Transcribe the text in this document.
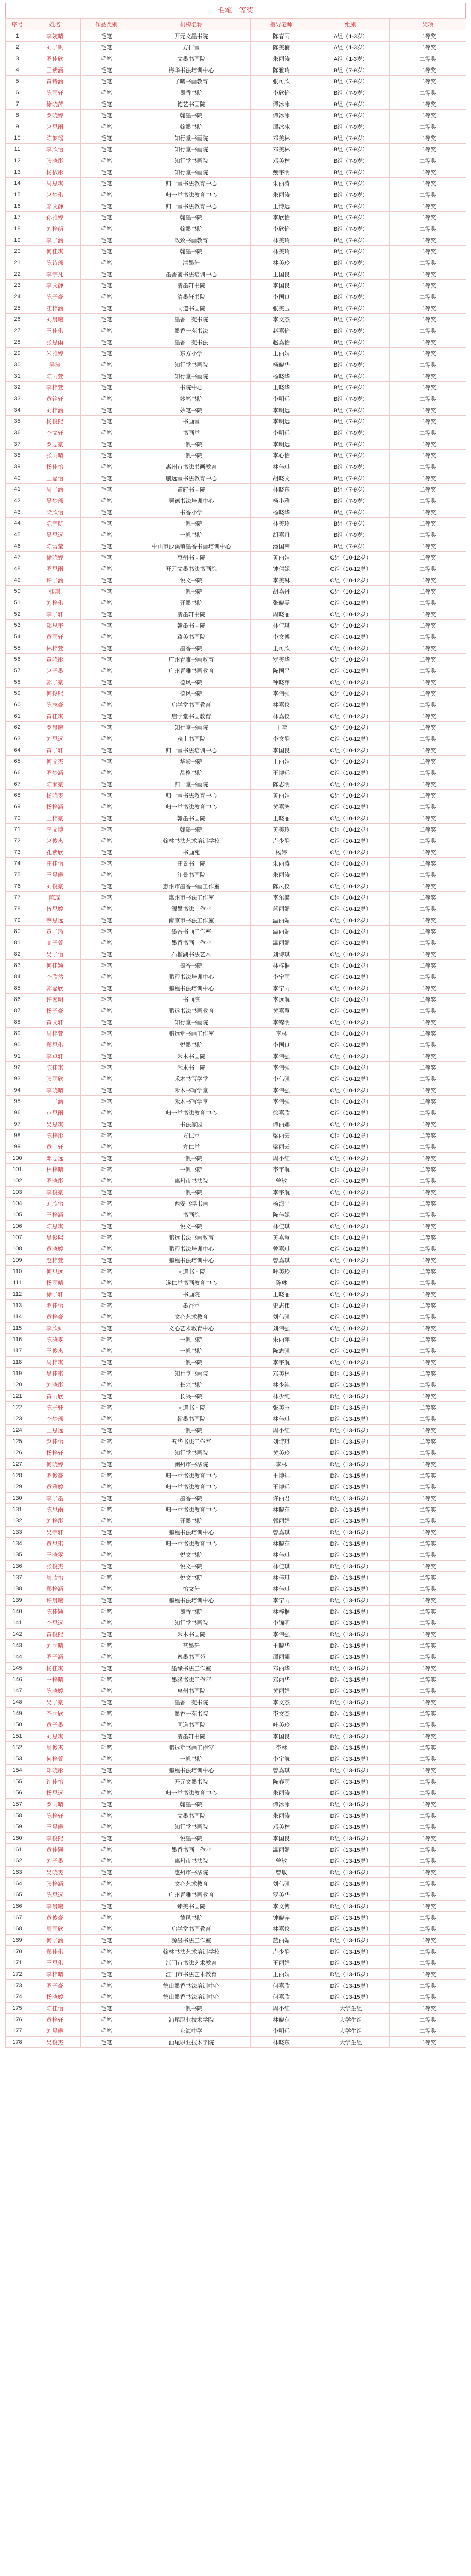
毛笔二等奖
序号	姓名	作品类别	机构名称	指导老师	组别	奖项
1	李婉晴	毛笔	开元文墨书院	陈春雨	A组（1-3岁）	二等奖
2	刘子帆	毛笔	方仁堂	陈美楠	A组（1-3岁）	二等奖
3	罗佳欣	毛笔	文墨书画院	朱丽涛	A组（1-3岁）	二等奖
4	王紫涵	毛笔	梅华书法培训中心	陈雅玲	B组（7-9岁）	二等奖
5	黄诗涵	毛笔	子曦书画教育	张可欣	B组（7-9岁）	二等奖
6	陈雨轩	毛笔	墨香书院	李欣怡	B组（7-9岁）	二等奖
7	徐晓萍	毛笔	德艺书画院	谭冰冰	B组（7-9岁）	二等奖
8	罗晓婷	毛笔	翰墨书院	谭冰冰	B组（7-9岁）	二等奖
9	赵思雨	毛笔	翰墨书院	谭冰冰	B组（7-9岁）	二等奖
10	陈梦瑶	毛笔	知行堂书画院	邓美林	B组（7-9岁）	二等奖
11	李欣怡	毛笔	知行堂书画院	邓美林	B组（7-9岁）	二等奖
12	张晓彤	毛笔	知行堂书画院	邓美林	B组（7-9岁）	二等奖
13	杨依彤	毛笔	知行堂书画院	戴宇明	B组（7-9岁）	二等奖
14	周思琪	毛笔	归一堂书法教育中心	朱丽涛	B组（7-9岁）	二等奖
15	赵梦琪	毛笔	归一堂书法教育中心	朱丽涛	B组（7-9岁）	二等奖
16	廖文静	毛笔	归一堂书法教育中心	王博远	B组（7-9岁）	二等奖
17	孙雅婷	毛笔	翰墨书院	李欣怡	B组（7-9岁）	二等奖
18	刘梓萌	毛笔	翰墨书院	李欣怡	B组（7-9岁）	二等奖
19	李子涵	毛笔	政致书画教育	林美玲	B组（7-9岁）	二等奖
20	何佳琪	毛笔	翰墨书院	林美玲	B组（7-9岁）	二等奖
21	陈诗瑶	毛笔	清墨轩	林美玲	B组（7-9岁）	二等奖
22	李宇凡	毛笔	墨香斋书法培训中心	王国良	B组（7-9岁）	二等奖
23	李文静	毛笔	清墨轩书院	李国良	B组（7-9岁）	二等奖
24	陈子豪	毛笔	清墨轩书院	李国良	B组（7-9岁）	二等奖
25	江梓涵	毛笔	同道书画院	张美玉	B组（7-9岁）	二等奖
26	刘晨曦	毛笔	墨香一苑书院	李文杰	B组（7-9岁）	二等奖
27	王佳琪	毛笔	墨香一苑书法	赵嘉怡	B组（7-9岁）	二等奖
28	张思雨	毛笔	墨香一苑书法	赵嘉怡	B组（7-9岁）	二等奖
29	朱雅婷	毛笔	东方小学	王丽娟	B组（7-9岁）	二等奖
30	吴涛	毛笔	知行堂书画院	杨晓华	B组（7-9岁）	二等奖
31	陈雨萱	毛笔	知行堂书画院	杨晓华	B组（7-9岁）	二等奖
32	李梓萱	毛笔	书院中心	王晓华	B组（7-9岁）	二等奖
33	黄铭轩	毛笔	妙笔书院	李明远	B组（7-9岁）	二等奖
34	刘梓涵	毛笔	妙笔书院	李明远	B组（7-9岁）	二等奖
35	杨俊熙	毛笔	书画堂	李明远	B组（7-9岁）	二等奖
36	李文轩	毛笔	书画堂	李明远	B组（7-9岁）	二等奖
37	罗志豪	毛笔	一帆书院	李明远	B组（7-9岁）	二等奖
38	张雨晴	毛笔	一帆书院	李心怡	B组（7-9岁）	二等奖
39	杨佳怡	毛笔	惠州市书法书画教育	林佳琪	B组（7-9岁）	二等奖
40	王嘉怡	毛笔	鹏远堂书法教育中心	胡晓文	B组（7-9岁）	二等奖
41	周子涵	毛笔	鑫府书画院	林晓东	B组（7-9岁）	二等奖
42	吴梦瑶	毛笔	顺德书法培训中心	杨小雅	B组（7-9岁）	二等奖
43	梁欣怡	毛笔	书香小学	杨晓华	B组（7-9岁）	二等奖
44	陈宇航	毛笔	一帆书院	林美玲	B组（7-9岁）	二等奖
45	吴思远	毛笔	一帆书院	胡嘉丹	B组（7-9岁）	二等奖
46	陈雪莹	毛笔	中山市沙溪镇墨香书画培训中心	潘国荣	B组（7-9岁）	二等奖
47	徐晓婷	毛笔	惠州书画院	黄丽娟	C组（10-12岁）	二等奖
48	罗思雨	毛笔	开元文墨书法书画院	钟倩妮	C组（10-12岁）	二等奖
49	许子涵	毛笔	悦文书院	李美琳	C组（10-12岁）	二等奖
50	张琪	毛笔	一帆书院	胡嘉丹	C组（10-12岁）	二等奖
51	刘梓琪	毛笔	开墨书院	张晓雯	C组（10-12岁）	二等奖
52	李子轩	毛笔	清墨轩书院	周晓丽	C组（10-12岁）	二等奖
53	郑思宇	毛笔	翰墨书画院	林佳琪	C组（10-12岁）	二等奖
54	黄雨轩	毛笔	臻美书画院	李文博	C组（10-12岁）	二等奖
55	林梓萱	毛笔	墨香书院	王可欣	C组（10-12岁）	二等奖
56	黄晓彤	毛笔	广州青雅书画教育	罗美华	C组（10-12岁）	二等奖
57	赵子墨	毛笔	广州青雅书画教育	陈国平	C组（10-12岁）	二等奖
58	郭子豪	毛笔	德风书院	钟晓萍	C组（10-12岁）	二等奖
59	何俊熙	毛笔	德风书院	李伟强	C组（10-12岁）	二等奖
60	陈志豪	毛笔	启学堂书画教育	林嘉仪	C组（10-12岁）	二等奖
61	黄佳琪	毛笔	启学堂书画教育	林嘉仪	C组（10-12岁）	二等奖
62	罗晨曦	毛笔	知行堂书画院	王晴	C组（10-12岁）	二等奖
63	刘思远	毛笔	茂土书画院	李文静	C组（10-12岁）	二等奖
64	黄子轩	毛笔	归一堂书法培训中心	李国良	C组（10-12岁）	二等奖
65	何文杰	毛笔	华彩书院	王丽娟	C组（10-12岁）	二等奖
66	罗梦涵	毛笔	晶格书院	王博远	C组（10-12岁）	二等奖
67	陈家豪	毛笔	归一堂书画院	陈志明	C组（10-12岁）	二等奖
68	杨晓雯	毛笔	归一堂书法教育中心	黄丽娟	C组（10-12岁）	二等奖
69	杨梓涵	毛笔	归一堂书法教育中心	黄嘉鸿	C组（10-12岁）	二等奖
70	王梓豪	毛笔	翰墨书画院	王晓丽	C组（10-12岁）	二等奖
71	李文博	毛笔	翰墨书院	黄美玲	C组（10-12岁）	二等奖
72	赵俊杰	毛笔	翰林书法艺术培训学校	卢少静	C组（10-12岁）	二等奖
73	孔紫欣	毛笔	书画苑	杨婷	C组（10-12岁）	二等奖
74	汪佳怡	毛笔	汪景书画院	朱丽涛	C组（10-12岁）	二等奖
75	王晨曦	毛笔	汪景书画院	朱丽涛	C组（10-12岁）	二等奖
76	刘俊豪	毛笔	惠州市墨香书画工作室	陈凤仪	C组（10-12岁）	二等奖
77	陈瑶	毛笔	惠州市书法工作室	李尔馨	C组（10-12岁）	二等奖
78	伍思婷	毛笔	源墨书法工作室	蓝丽媚	C组（10-12岁）	二等奖
79	蔡思远	毛笔	南京市书法工作室	温丽媚	C组（10-12岁）	二等奖
80	黄子瑜	毛笔	墨香书画工作室	温丽媚	C组（10-12岁）	二等奖
81	高子萱	毛笔	墨香书画工作室	温丽媚	C组（10-12岁）	二等奖
82	吴子怡	毛笔	石榴湖书法艺术	刘诗琪	C组（10-12岁）	二等奖
83	何佳颖	毛笔	墨香书院	林梓桐	C组（10-12岁）	二等奖
84	李欣然	毛笔	鹏程书法培训中心	李宁雨	C组（10-12岁）	二等奖
85	郭嘉欣	毛笔	鹏程书法培训中心	李宁雨	C组（10-12岁）	二等奖
86	许家明	毛笔	书画院	李远航	C组（10-12岁）	二等奖
87	杨子豪	毛笔	鹏远书法书画教育	黄嘉慧	C组（10-12岁）	二等奖
88	黄文轩	毛笔	知行堂书画院	李锦明	C组（10-12岁）	二等奖
89	周梓萱	毛笔	鹏远堂书画工作室	李林	C组（10-12岁）	二等奖
90	郑思琪	毛笔	悦墨书院	李国良	C组（10-12岁）	二等奖
91	李卓轩	毛笔	禾木书画院	李伟强	C组（10-12岁）	二等奖
92	陈佳琪	毛笔	禾木书画院	李伟强	C组（10-12岁）	二等奖
93	张雨欣	毛笔	禾木书写学堂	李伟强	C组（10-12岁）	二等奖
94	李晓晴	毛笔	禾木书写学堂	李伟强	C组（10-12岁）	二等奖
95	王子涵	毛笔	禾木书写学堂	李伟强	C组（10-12岁）	二等奖
96	卢思雨	毛笔	归一堂书法教育中心	徐嘉欣	C组（10-12岁）	二等奖
97	吴思琪	毛笔	书法家园	谭丽娜	C组（10-12岁）	二等奖
98	陈梓彤	毛笔	方仁堂	梁丽云	C组（10-12岁）	二等奖
99	黄宇轩	毛笔	方仁堂	梁丽云	C组（10-12岁）	二等奖
100	邓志远	毛笔	一帆书院	周小红	C组（10-12岁）	二等奖
101	林梓晴	毛笔	一帆书院	李宇航	C组（10-12岁）	二等奖
102	罗晓彤	毛笔	惠州市书法院	曾敏	C组（10-12岁）	二等奖
103	李俊豪	毛笔	一帆书院	李宇航	C组（10-12岁）	二等奖
104	刘欣怡	毛笔	西安书学书画	杨海平	C组（10-12岁）	二等奖
105	王梓涵	毛笔	书画院	陈佳妮	C组（10-12岁）	二等奖
106	陈思琪	毛笔	悦文书院	林佳琪	C组（10-12岁）	二等奖
107	吴俊熙	毛笔	鹏远书法书画教育	黄嘉慧	C组（10-12岁）	二等奖
108	黄晓婷	毛笔	鹏程书法培训中心	曾嘉琪	C组（10-12岁）	二等奖
109	赵梓萱	毛笔	鹏程书法培训中心	曾嘉琪	C组（10-12岁）	二等奖
110	何思远	毛笔	同道书画院	叶美玲	C组（10-12岁）	二等奖
111	杨雨晴	毛笔	遂仁堂书画教育中心	陈琳	C组（10-12岁）	二等奖
112	徐子轩	毛笔	书画院	王晓丽	C组（10-12岁）	二等奖
113	罗佳怡	毛笔	墨香堂	史志伟	C组（10-12岁）	二等奖
114	黄梓豪	毛笔	文心艺术教育	刘伟强	C组（10-12岁）	二等奖
115	李欣妍	毛笔	文心艺术教育中心	刘伟强	C组（10-12岁）	二等奖
116	陈晓雯	毛笔	一帆书院	朱丽萍	C组（10-12岁）	二等奖
117	王俊杰	毛笔	一帆书院	陈志强	C组（10-12岁）	二等奖
118	周梓琪	毛笔	一帆书院	李宇航	C组（10-12岁）	二等奖
119	吴佳琪	毛笔	知行堂书画院	邓美林	D组（13-15岁）	二等奖
120	刘晓彤	毛笔	长兴书院	林少纯	D组（13-15岁）	二等奖
121	黄雨欣	毛笔	长兴书院	林少纯	D组（13-15岁）	二等奖
122	陈子轩	毛笔	同道书画院	张美玉	D组（13-15岁）	二等奖
123	李梦瑶	毛笔	翰墨书画院	林佳琪	D组（13-15岁）	二等奖
124	王思远	毛笔	一帆书院	周小红	D组（13-15岁）	二等奖
125	赵佳怡	毛笔	五华书法工作室	刘诗琪	D组（13-15岁）	二等奖
126	杨梓轩	毛笔	知行堂书画院	黄美玲	D组（13-15岁）	二等奖
127	何晓婷	毛笔	潮州市书法院	李林	D组（13-15岁）	二等奖
128	罗俊豪	毛笔	归一堂书法教育中心	王博远	D组（13-15岁）	二等奖
129	黄雅婷	毛笔	归一堂书法教育中心	王博远	D组（13-15岁）	二等奖
130	李子墨	毛笔	墨香书院	许丽君	D组（13-15岁）	二等奖
131	陈思雨	毛笔	归一堂书法教育中心	林晓东	D组（13-15岁）	二等奖
132	刘梓彤	毛笔	开墨书院	郭丽娟	D组（13-15岁）	二等奖
133	吴宇轩	毛笔	鹏程书法培训中心	曾嘉琪	D组（13-15岁）	二等奖
134	黄思琪	毛笔	归一堂书法教育中心	林晓东	D组（13-15岁）	二等奖
135	王晓雯	毛笔	悦文书院	林佳琪	D组（13-15岁）	二等奖
136	张俊杰	毛笔	悦文书院	林佳琪	D组（13-15岁）	二等奖
137	周欣怡	毛笔	悦文书院	林佳琪	D组（13-15岁）	二等奖
138	郑梓涵	毛笔	怡文轩	林佳琪	D组（13-15岁）	二等奖
139	许晨曦	毛笔	鹏程书法培训中心	李宁雨	D组（13-15岁）	二等奖
140	陈佳颖	毛笔	墨香书院	林梓桐	D组（13-15岁）	二等奖
141	李思远	毛笔	知行堂书画院	李锦明	D组（13-15岁）	二等奖
142	黄俊熙	毛笔	禾木书画院	李伟强	D组（13-15岁）	二等奖
143	刘雨晴	毛笔	艺墨轩	王晓华	D组（13-15岁）	二等奖
144	罗子涵	毛笔	逸墨书画苑	谭丽娜	D组（13-15岁）	二等奖
145	杨佳琪	毛笔	墨缘书法工作室	邓丽华	D组（13-15岁）	二等奖
146	王梓晴	毛笔	墨缘书法工作室	邓丽华	D组（13-15岁）	二等奖
147	陈晓婷	毛笔	惠州书画院	黄丽娟	D组（13-15岁）	二等奖
148	吴子豪	毛笔	墨香一苑书院	李文杰	D组（13-15岁）	二等奖
149	李雨欣	毛笔	墨香一苑书院	李文杰	D组（13-15岁）	二等奖
150	黄子墨	毛笔	同道书画院	叶美玲	D组（13-15岁）	二等奖
151	刘思琪	毛笔	清墨轩书院	李国良	D组（13-15岁）	二等奖
152	周俊杰	毛笔	鹏远堂书画工作室	李林	D组（13-15岁）	二等奖
153	何梓萱	毛笔	一帆书院	李宇航	D组（13-15岁）	二等奖
154	郑晓彤	毛笔	鹏程书法培训中心	曾嘉琪	D组（13-15岁）	二等奖
155	许佳怡	毛笔	开元文墨书院	陈春雨	D组（13-15岁）	二等奖
156	杨思远	毛笔	归一堂书法教育中心	朱丽涛	D组（13-15岁）	二等奖
157	罗雨晴	毛笔	翰墨书院	谭冰冰	D组（13-15岁）	二等奖
158	陈梓轩	毛笔	文墨书画院	朱丽涛	D组（13-15岁）	二等奖
159	王晨曦	毛笔	知行堂书画院	邓美林	D组（13-15岁）	二等奖
160	李俊熙	毛笔	悦墨书院	李国良	D组（13-15岁）	二等奖
161	黄佳颖	毛笔	墨香书画工作室	温丽媚	D组（13-15岁）	二等奖
162	刘子墨	毛笔	惠州市书法院	曾敏	D组（13-15岁）	二等奖
163	吴晓雯	毛笔	惠州市书法院	曾敏	D组（13-15岁）	二等奖
164	张梓涵	毛笔	文心艺术教育	刘伟强	D组（13-15岁）	二等奖
165	陈思远	毛笔	广州青雅书画教育	罗美华	D组（13-15岁）	二等奖
166	李晨曦	毛笔	臻美书画院	李文博	D组（13-15岁）	二等奖
167	黄俊豪	毛笔	德风书院	钟晓萍	D组（13-15岁）	二等奖
168	周雨欣	毛笔	启学堂书画教育	林嘉仪	D组（13-15岁）	二等奖
169	何子涵	毛笔	源墨书法工作室	蓝丽媚	D组（13-15岁）	二等奖
170	郑佳琪	毛笔	翰林书法艺术培训学校	卢少静	D组（13-15岁）	二等奖
171	王思琪	毛笔	江门市书法艺术教育	王丽娟	D组（13-15岁）	二等奖
172	李梓晴	毛笔	江门市书法艺术教育	王丽娟	D组（13-15岁）	二等奖
173	罗子豪	毛笔	鹤山墨香书法培训中心	何嘉欣	D组（13-15岁）	二等奖
174	杨晓婷	毛笔	鹤山墨香书法培训中心	何嘉欣	D组（13-15岁）	二等奖
175	陈佳怡	毛笔	一帆书院	周小红	大学生组	二等奖
176	黄梓轩	毛笔	汕尾职业技术学院	林晓东	大学生组	二等奖
177	刘晨曦	毛笔	东海中学	李明远	大学生组	二等奖
178	吴俊杰	毛笔	汕尾职业技术学院	林晓东	大学生组	二等奖
